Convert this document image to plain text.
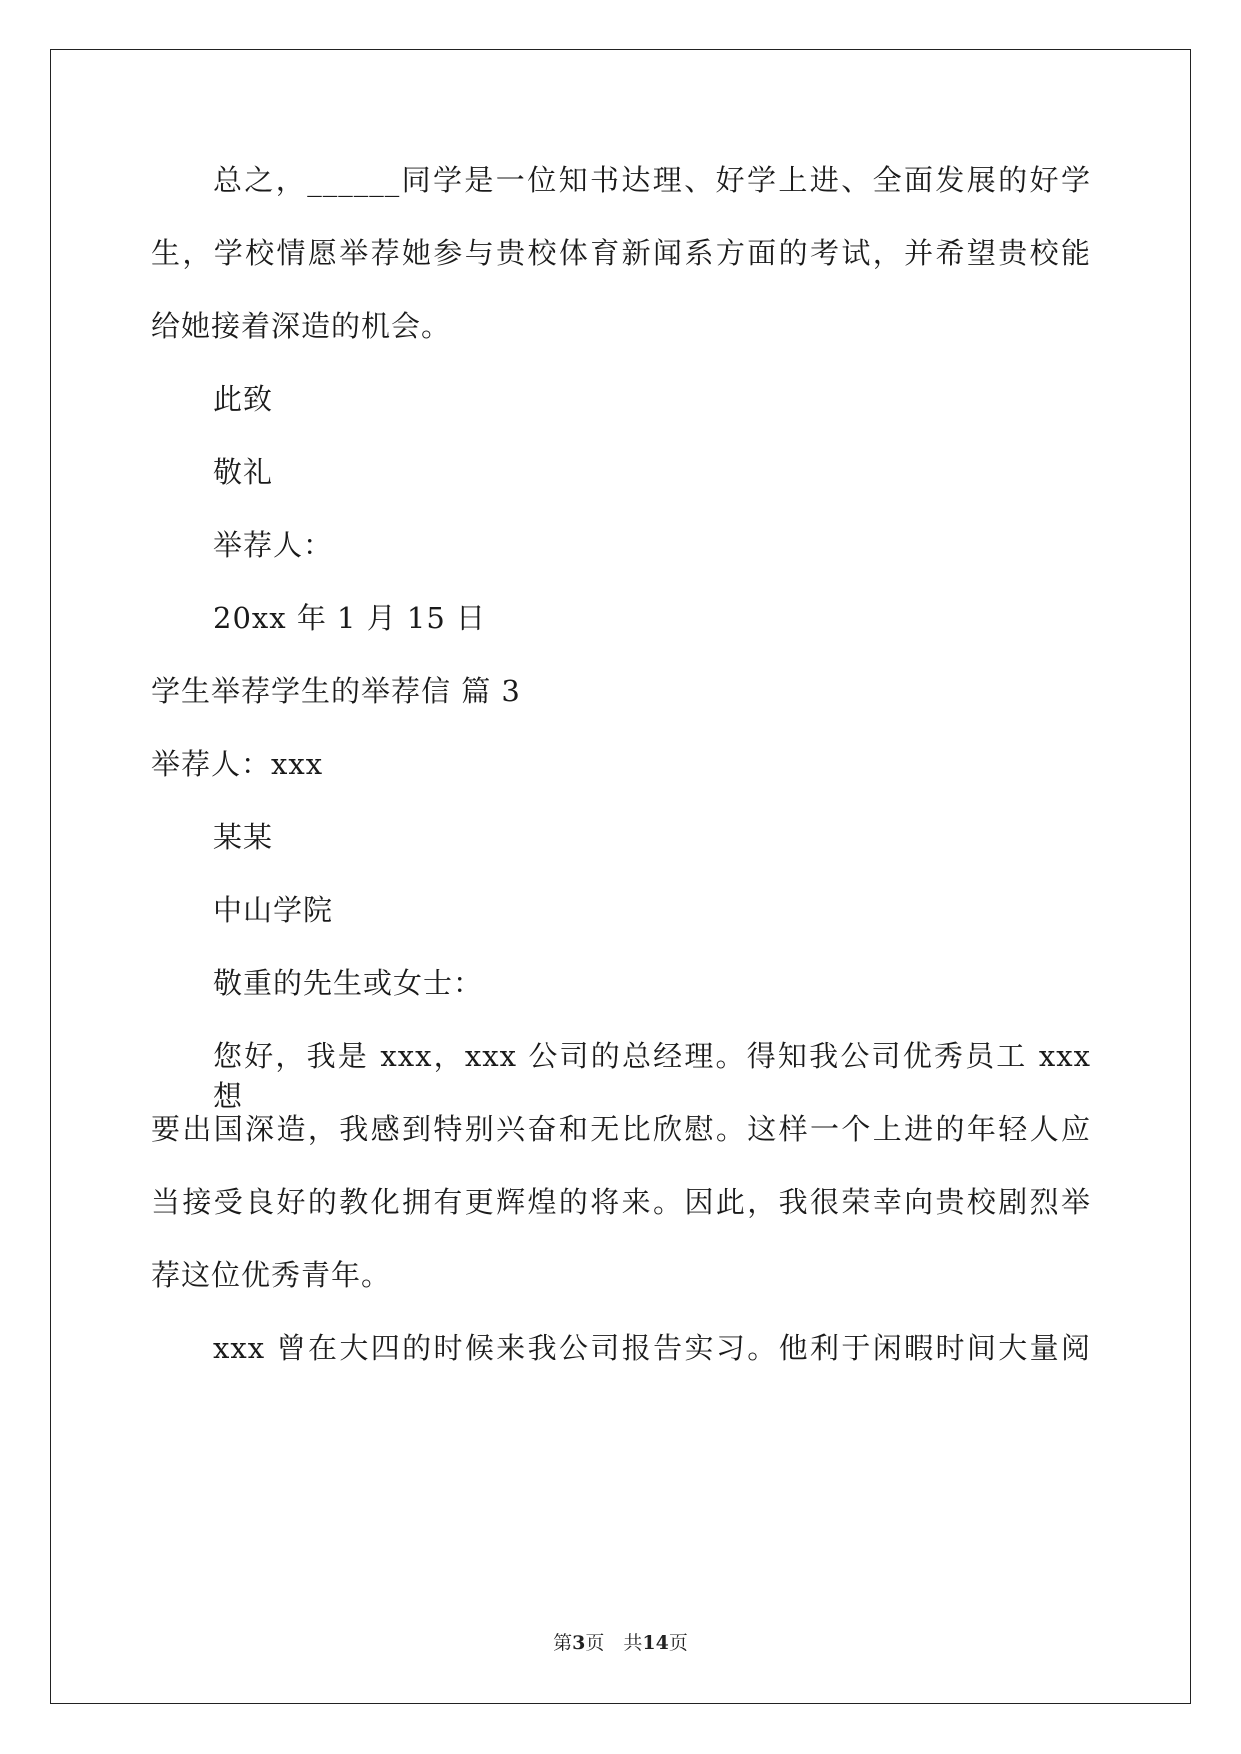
总之，______同学是一位知书达理、好学上进、全面发展的好学
生，学校情愿举荐她参与贵校体育新闻系方面的考试，并希望贵校能
给她接着深造的机会。
此致
敬礼
举荐人：
20xx 年 1 月 15 日
学生举荐学生的举荐信 篇 3
举荐人：xxx
某某
中山学院
敬重的先生或女士：
您好，我是 xxx，xxx 公司的总经理。得知我公司优秀员工 xxx 想
要出国深造，我感到特别兴奋和无比欣慰。这样一个上进的年轻人应
当接受良好的教化拥有更辉煌的将来。因此，我很荣幸向贵校剧烈举
荐这位优秀青年。
xxx 曾在大四的时候来我公司报告实习。他利于闲暇时间大量阅
第3页　共14页
